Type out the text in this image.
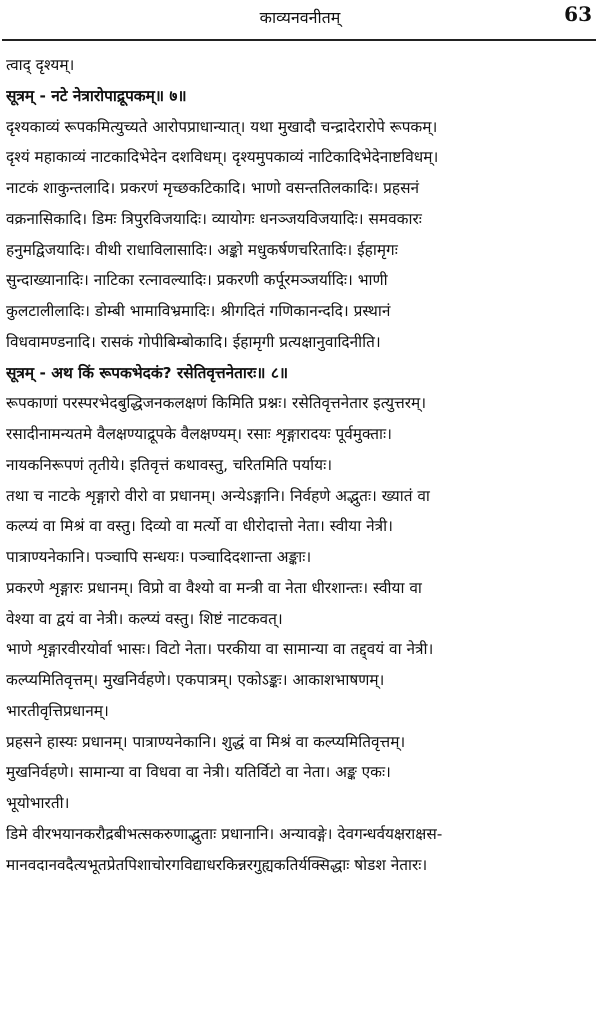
काव्यनवनीतम्	63
त्वाद् दृश्यम्।
सूत्रम् - नटे नेत्रारोपाद्रूपकम्॥ ७॥
दृश्यकाव्यं रूपकमित्युच्यते आरोपप्राधान्यात्। यथा मुखादौ चन्द्रादेरारोपे रूपकम्।
दृश्यं महाकाव्यं नाटकादिभेदेन दशविधम्। दृश्यमुपकाव्यं नाटिकादिभेदेनाष्टविधम्।
नाटकं शाकुन्तलादि। प्रकरणं मृच्छकटिकादि। भाणो वसन्ततिलकादिः। प्रहसनं
वक्रनासिकादि। डिमः त्रिपुरविजयादिः। व्यायोगः धनञ्जयविजयादिः। समवकारः
हनुमद्विजयादिः। वीथी राधाविलासादिः। अङ्को मधुकर्षणचरितादिः। ईहामृगः
सुन्दाख्यानादिः। नाटिका रत्नावल्यादिः। प्रकरणी कर्पूरमञ्जर्यादिः। भाणी
कुलटालीलादिः। डोम्बी भामाविभ्रमादिः। श्रीगदितं गणिकानन्ददि। प्रस्थानं
विधवामण्डनादि। रासकं गोपीबिम्बोकादि। ईहामृगी प्रत्यक्षानुवादिनीति।
सूत्रम् - अथ किं रूपकभेदकं? रसेतिवृत्तनेतारः॥ ८॥
रूपकाणां परस्परभेदबुद्धिजनकलक्षणं किमिति प्रश्नः। रसेतिवृत्तनेतार इत्युत्तरम्।
रसादीनामन्यतमे वैलक्षण्याद्रूपके वैलक्षण्यम्। रसाः शृङ्गारादयः पूर्वमुक्ताः।
नायकनिरूपणं तृतीये। इतिवृत्तं कथावस्तु, चरितमिति पर्यायः।
तथा च नाटके शृङ्गारो वीरो वा प्रधानम्। अन्येऽङ्गानि। निर्वहणे अद्भुतः। ख्यातं वा
कल्प्यं वा मिश्रं वा वस्तु। दिव्यो वा मर्त्यो वा धीरोदात्तो नेता। स्वीया नेत्री।
पात्राण्यनेकानि। पञ्चापि सन्धयः। पञ्चादिदशान्ता अङ्काः।
प्रकरणे शृङ्गारः प्रधानम्। विप्रो वा वैश्यो वा मन्त्री वा नेता धीरशान्तः। स्वीया वा
वेश्या वा द्वयं वा नेत्री। कल्प्यं वस्तु। शिष्टं नाटकवत्।
भाणे शृङ्गारवीरयोर्वा भासः। विटो नेता। परकीया वा सामान्या वा तद्द्वयं वा नेत्री।
कल्प्यमितिवृत्तम्। मुखनिर्वहणे। एकपात्रम्। एकोऽङ्कः। आकाशभाषणम्।
भारतीवृत्तिप्रधानम्।
प्रहसने हास्यः प्रधानम्। पात्राण्यनेकानि। शुद्धं वा मिश्रं वा कल्प्यमितिवृत्तम्।
मुखनिर्वहणे। सामान्या वा विधवा वा नेत्री। यतिर्विटो वा नेता। अङ्क एकः।
भूयोभारती।
डिमे वीरभयानकरौद्रबीभत्सकरुणाद्भुताः प्रधानानि। अन्यावङ्गे। देवगन्धर्वयक्षराक्षस-
मानवदानवदैत्यभूतप्रेतपिशाचोरगविद्याधरकिन्नरगुह्यकतिर्यक्सिद्धाः षोडश नेतारः।
